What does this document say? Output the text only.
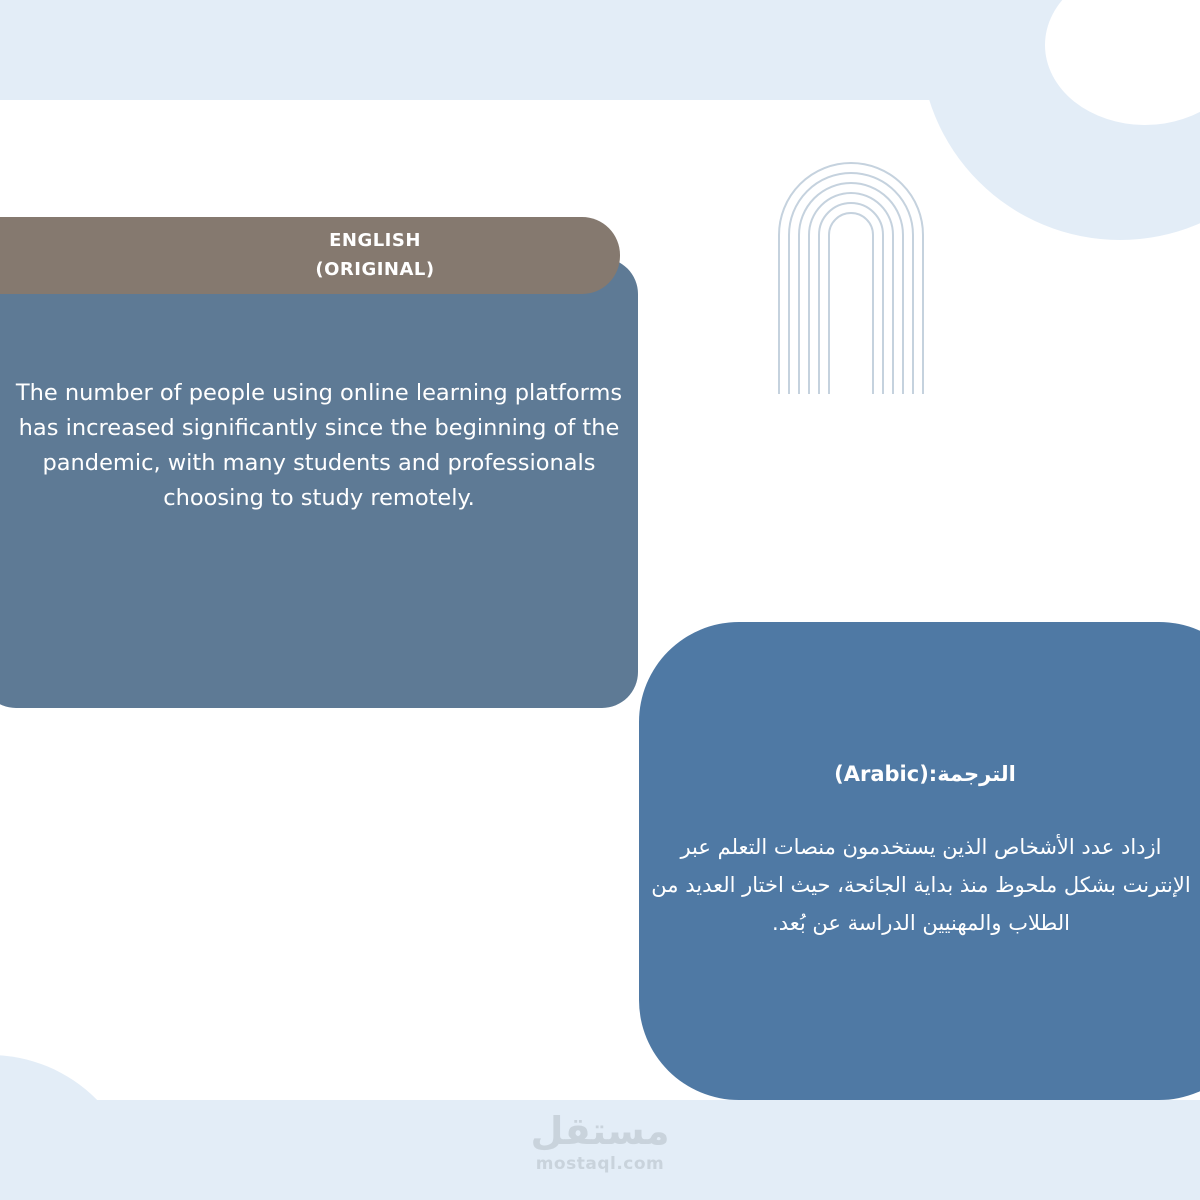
ENGLISH
(ORIGINAL)
The number of people using online learning platforms has increased significantly since the beginning of the pandemic, with many students and professionals choosing to study remotely.
الترجمة:(Arabic)
ازداد عدد الأشخاص الذين يستخدمون منصات التعلم عبر الإنترنت بشكل ملحوظ منذ بداية الجائحة، حيث اختار العديد من الطلاب والمهنيين الدراسة عن بُعد.
مستقل
mostaql.com
